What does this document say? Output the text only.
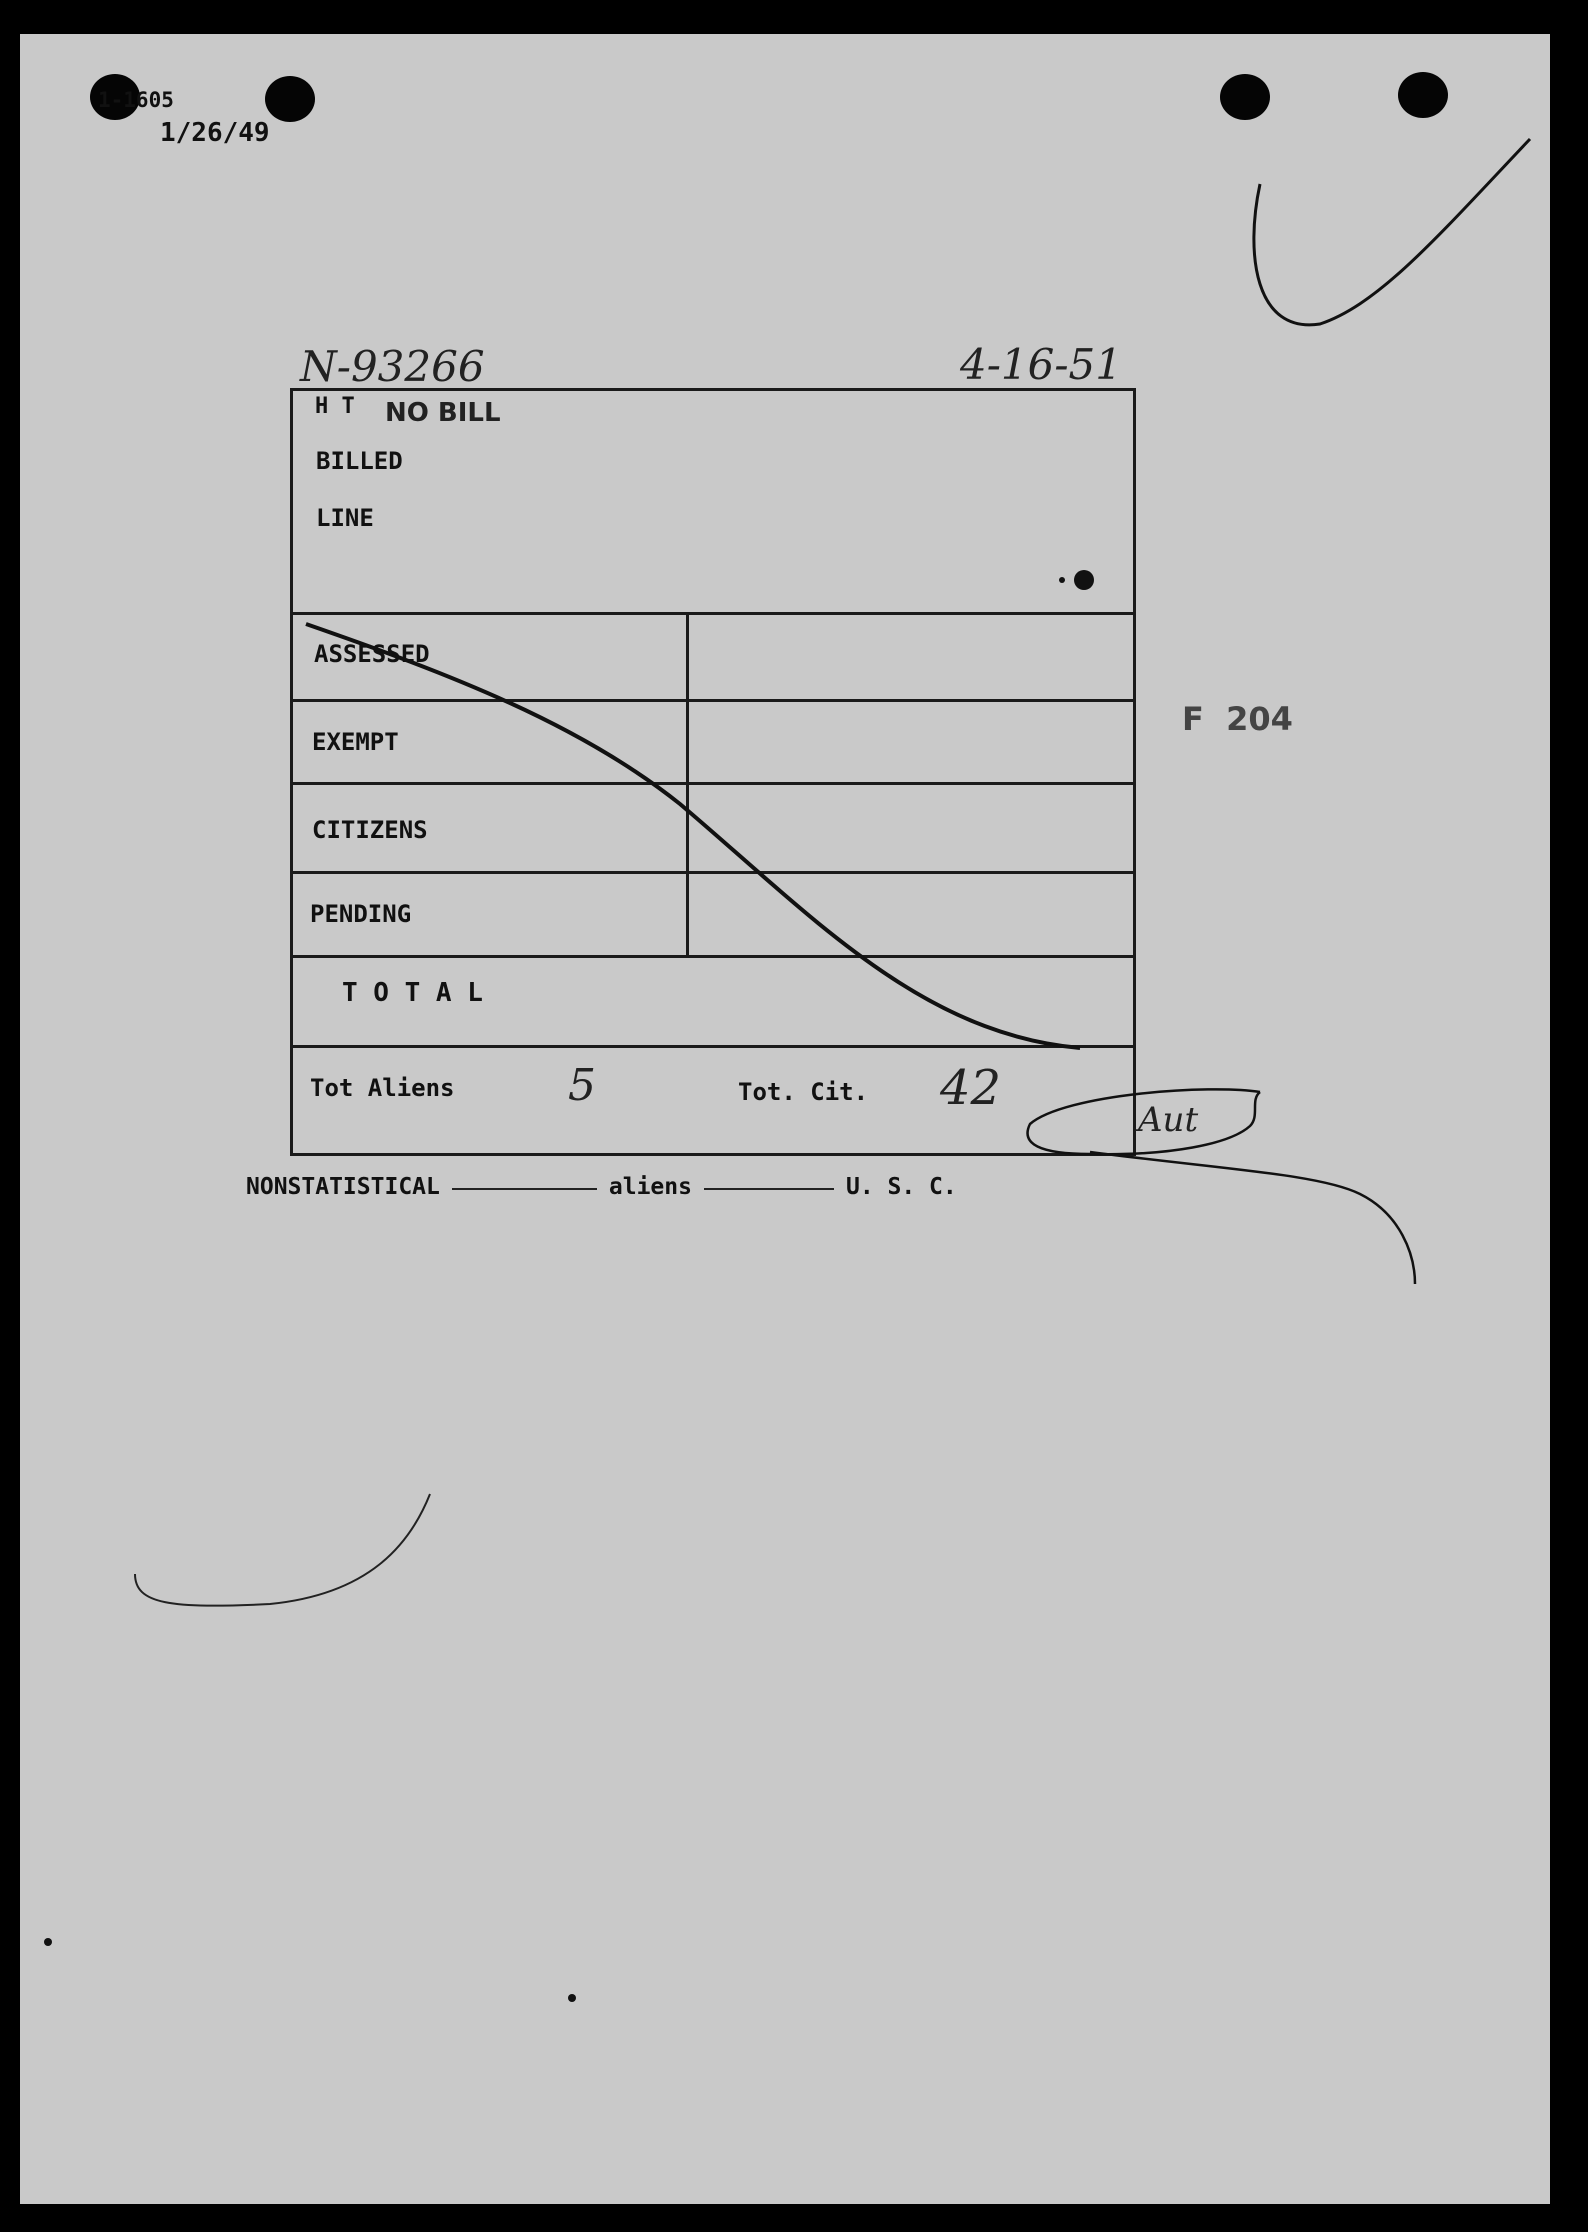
1-1605
1/26/49
N-93266	4-16-51
H T NO BILL
BILLED
LINE
ASSESSED
EXEMPT
CITIZENS
PENDING
T O T A L
Tot Aliens	5	Tot. Cit. 42
F  204
Aut
NONSTATISTICAL	aliens	U. S. C.
